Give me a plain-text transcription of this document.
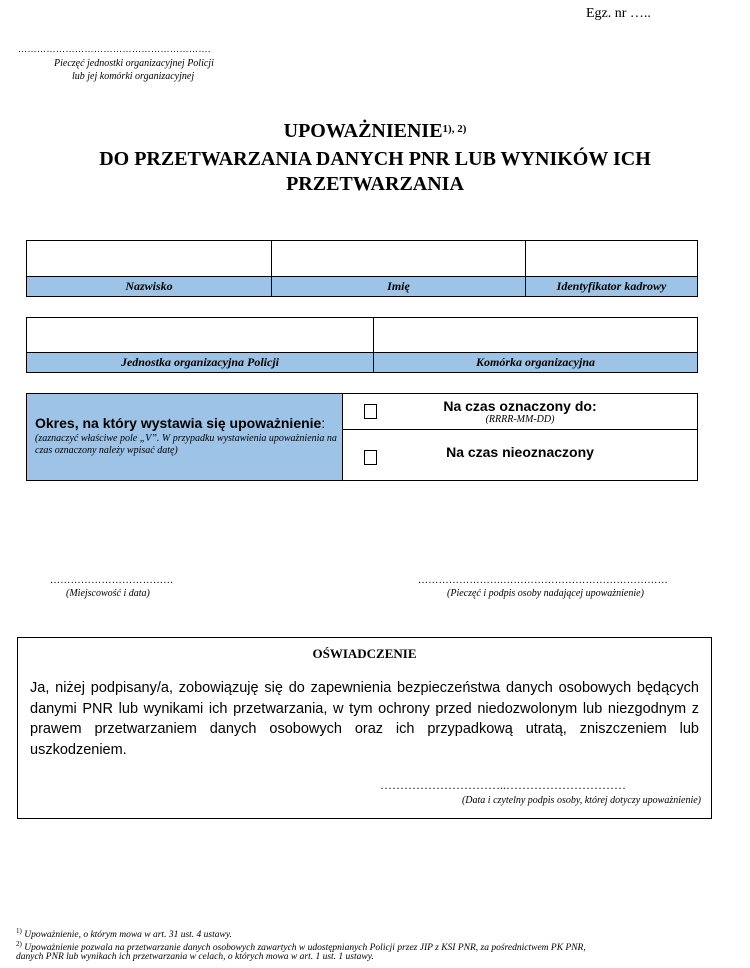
Egz. nr …..
…………………………………………………….
Pieczęć jednostki organizacyjnej Policji
lub jej komórki organizacyjnej
$UPOWAŻNIENIE^{1), 2)}$
DO PRZETWARZANIA DANYCH PNR LUB WYNIKÓW ICH
PRZETWARZANIA

Nazwisko	Imię	Identyfikator kadrowy

Jednostka organizacyjna Policji	Komórka organizacyjna
Okres, na który wystawia się upoważnienie:
(zaznaczyć właściwe pole „V”. W przypadku wystawienia upoważnienia na czas oznaczony należy wpisać datę)

Na czas oznaczony do:
(RRRR-MM-DD)

Na czas nieoznaczony
………………………………
(Miejscowość i data)
…………………….…………………………………………
(Pieczęć i podpis osoby nadającej upoważnienie)
OŚWIADCZENIE
Ja, niżej podpisany/a, zobowiązuję się do zapewnienia bezpieczeństwa danych osobowych będących danymi PNR lub wynikami ich przetwarzania, w tym ochrony przed niedozwolonym lub niezgodnym z prawem przetwarzaniem danych osobowych oraz ich przypadkową utratą, zniszczeniem lub uszkodzeniem.
…………………………..…………………………
(Data i czytelny podpis osoby, której dotyczy upoważnienie)
$^{1)}$ Upoważnienie, o którym mowa w art. 31 ust. 4 ustawy.
$^{2)}$ Upoważnienie pozwala na przetwarzanie danych osobowych zawartych w udostępnianych Policji przez JIP z KSI PNR, za pośrednictwem PK PNR,
danych PNR lub wynikach ich przetwarzania w celach, o których mowa w art. 1 ust. 1 ustawy.
